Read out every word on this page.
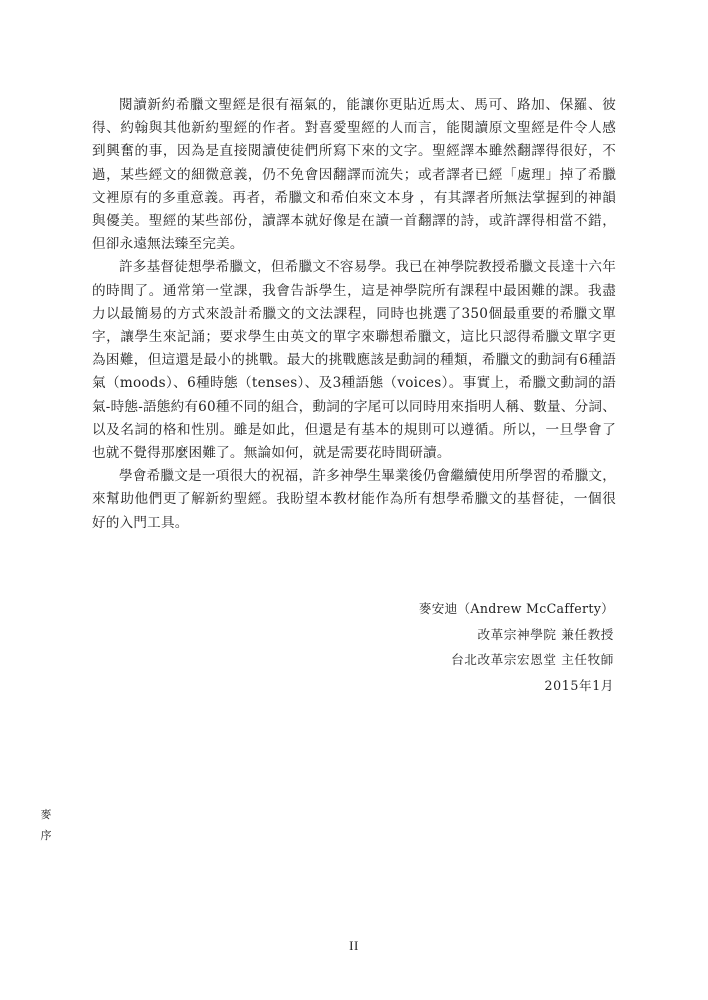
閱讀新約希臘文聖經是很有福氣的，能讓你更貼近馬太、馬可、路加、保羅、彼得、約翰與其他新約聖經的作者。對喜愛聖經的人而言，能閱讀原文聖經是件令人感到興奮的事，因為是直接閱讀使徒們所寫下來的文字。聖經譯本雖然翻譯得很好，不過，某些經文的細微意義，仍不免會因翻譯而流失；或者譯者已經「處理」掉了希臘文裡原有的多重意義。再者，希臘文和希伯來文本身 ，有其譯者所無法掌握到的神韻與優美。聖經的某些部份，讀譯本就好像是在讀一首翻譯的詩，或許譯得相當不錯，但卻永遠無法臻至完美。

許多基督徒想學希臘文，但希臘文不容易學。我已在神學院教授希臘文長達十六年的時間了。通常第一堂課，我會告訴學生，這是神學院所有課程中最困難的課。我盡力以最簡易的方式來設計希臘文的文法課程，同時也挑選了350個最重要的希臘文單字，讓學生來記誦；要求學生由英文的單字來聯想希臘文，這比只認得希臘文單字更為困難，但這還是最小的挑戰。最大的挑戰應該是動詞的種類，希臘文的動詞有6種語氣（moods）、6種時態（tenses）、及3種語態（voices）。事實上，希臘文動詞的語氣-時態-語態約有60種不同的組合，動詞的字尾可以同時用來指明人稱、數量、分詞、以及名詞的格和性別。雖是如此，但還是有基本的規則可以遵循。所以，一旦學會了也就不覺得那麼困難了。無論如何，就是需要花時間研讀。

學會希臘文是一項很大的祝福，許多神學生畢業後仍會繼續使用所學習的希臘文，來幫助他們更了解新約聖經。我盼望本教材能作為所有想學希臘文的基督徒，一個很好的入門工具。

麥安迪（Andrew McCafferty）
改革宗神學院 兼任教授
台北改革宗宏恩堂 主任牧師
2015年1月
麥
序
II
